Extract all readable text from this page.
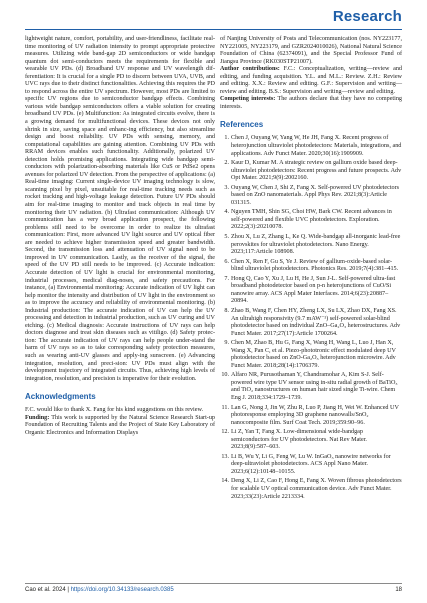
Research

lightweight nature, comfort, portability, and user-friendliness, facilitate real-time monitoring of UV radiation intensity to prompt appropriate protective measures. Utilizing wide band-gap 2D semiconductors or wide bandgap quantum dot semi-conductors meets the requirements for flexible and wearable UV PDs. (d) Broadband UV response and UV wavelength dif-ferentiation: It is crucial for a single PD to discern between UVA, UVB, and UVC rays due to their distinct functionalities. Achieving this requires the PD to respond across the entire UV spectrum. However, most PDs are limited to specific UV regions due to semiconductor bandgap effects. Combining various wide bandgap semiconductors offers a viable solution for creating broadband UV PDs. (e) Multifunction: As integrated circuits evolve, there is a growing demand for multifunctional devices. These devices not only shrink in size, saving space and enhanc-ing efficiency, but also streamline design and boost reliability. UV PDs with sensing, memory, and computational capabilities are gaining attention. Combining UV PDs with RRAM devices enables such functionality. Additionally, polarized UV detection holds promising applications. Integrating wide bandgap semi-conductors with polarization-absorbing materials like CuS or PdSe2 opens avenues for polarized UV detection. From the perspective of applications: (a) Real-time imaging: Current single-device UV imaging technology is slow, scanning pixel by pixel, unsuitable for real-time tracking needs such as rocket tracking and high-voltage leakage detection. Future UV PDs should aim for real-time imaging to monitor and track objects in real time by monitoring their UV radiation. (b) Ultrafast communication: Although UV communication has a very broad application prospect, the following problems still need to be overcome in order to realize its ultrafast communication: First, more advanced UV light source and UV optical fiber are needed to achieve higher transmission speed and greater bandwidth. Second, the transmission loss and attenuation of UV signal need to be improved in UV communication. Lastly, as the receiver of the signal, the speed of the UV PD still needs to be improved. (c) Accurate indication: Accurate detection of UV light is crucial for environmental monitoring, industrial processes, medical diag-noses, and safety precautions. For instance, (a) Environmental monitoring: Accurate indication of UV light can help monitor the intensity and distribution of UV light in the environment so as to improve the accuracy and reliability of environmental monitoring. (b) Industrial production: The accurate indication of UV can help the UV processing and detection in industrial production, such as UV curing and UV etching. (c) Medical diagnosis: Accurate instructions of UV rays can help doctors diagnose and treat skin diseases such as vitiligo. (d) Safety protec-tion: The accurate indication of UV rays can help people under-stand the harm of UV rays so as to take corresponding safety protection measures, such as wearing anti-UV glasses and apply-ing sunscreen. (e) Advancing integration, resolution, and preci-sion: UV PDs must align with the development trajectory of integrated circuits. Thus, achieving high levels of integration, resolution, and precision is imperative for their evolution.

Acknowledgments

F.C. would like to thank X. Fang for his kind suggestions on this review.

Funding: This work is supported by the Natural Science Research Start-up Foundation of Recruiting Talents and the Project of State Key Laboratory of Organic Electronics and Information Displays

of Nanjing University of Posts and Telecommunication (nos. NY223177, NY221005, NY223179, and GZR2024010026), National Natural Science Foundation of China (62374091), and the Special Professor Fund of Jiangsu Province (RK030STP21007).

Author contributions: F.C.: Conceptualization, writing—review and editing, and funding acquisition. Y.L. and M.L.: Review. Z.H.: Review and editing. X.X.: Review and editing. G.F.: Supervision and writing—review and editing. B.S.: Supervision and writing—review and editing.

Competing interests: The authors declare that they have no competing interests.

References
1. Chen J, Ouyang W, Yang W, He JH, Fang X. Recent progress of heterojunction ultraviolet photodetectors: Materials, integrations, and applications. Adv Funct Mater. 2020;30(16):1909909.
2. Kaur D, Kumar M. A strategic review on gallium oxide based deep-ultraviolet photodetectors: Recent progress and future prospects. Adv Opt Mater. 2021;9(9):2002160.
3. Ouyang W, Chen J, Shi Z, Fang X. Self-powered UV photodetectors based on ZnO nanomaterials. Appl Phys Rev. 2021;8(3):Article 031315.
4. Nguyen TMH, Shin SG, Choi HW, Bark CW. Recent advances in self-powered and flexible UVC photodetectors. Exploration. 2022;2(3):20210078.
5. Zhou X, Lu Z, Zhang L, Ke Q. Wide-bandgap all-inorganic lead-free perovskites for ultraviolet photodetectors. Nano Energy. 2023;117:Article 108908.
6. Chen X, Ren F, Gu S, Ye J. Review of gallium-oxide-based solar-blind ultraviolet photodetectors. Photonics Res. 2019;7(4):381–415.
7. Hong Q, Cao Y, Xu J, Lu H, He J, Sun J-L. Self-powered ultra-fast broadband photodetector based on p-n heterojunctions of CuO/Si nanowire array. ACS Appl Mater Interfaces. 2014;6(23):20887–20894.
8. Zhao B, Wang F, Chen HY, Zheng LX, Su LX, Zhao DX, Fang XS. An ultrahigh responsivity (9.7 mAW⁻¹) self-powered solar-blind photodetector based on individual ZnO–Ga₂O₃ heterostructures. Adv Funct Mater. 2017;27(17):Article 1700264.
9. Chen M, Zhao B, Hu G, Fang X, Wang H, Wang L, Luo J, Han X, Wang X, Pan C, et al. Piezo-phototronic effect modulated deep UV photodetector based on ZnO-Ga₂O₃ heterojunction microwire. Adv Funct Mater. 2018;28(14):1706379.
10. Alfaro NR, Purusothaman Y, Chandramohar A, Kim S-J. Self-powered wire type UV sensor using in-situ radial growth of BaTiO₃ and TiO₂ nanostructures on human hair sized single Ti-wire. Chem Eng J. 2018;334:1729–1739.
11. Lan G, Nong J, Jin W, Zhu R, Luo P, Jiang H, Wei W. Enhanced UV photoresponse employing 3D graphene nanowalls/SnO₂ nanocomposite film. Surf Coat Tech. 2019;359:90–96.
12. Li Z, Yan T, Fang X. Low-dimensional wide-bandgap semiconductors for UV photodetectors. Nat Rev Mater. 2023;8(9):587–603.
13. Li B, Wu Y, Li G, Feng W, Lu W. InGaO₃ nanowire networks for deep-ultraviolet photodetectors. ACS Appl Nano Mater. 2023;6(12):10148–10155.
14. Deng X, Li Z, Cao F, Hong E, Fang X. Woven fibrous photodetectors for scalable UV optical communication device. Adv Funct Mater. 2023;33(23):Article 2213334.
Cao et al. 2024 | https://doi.org/10.34133/research.0385	18
